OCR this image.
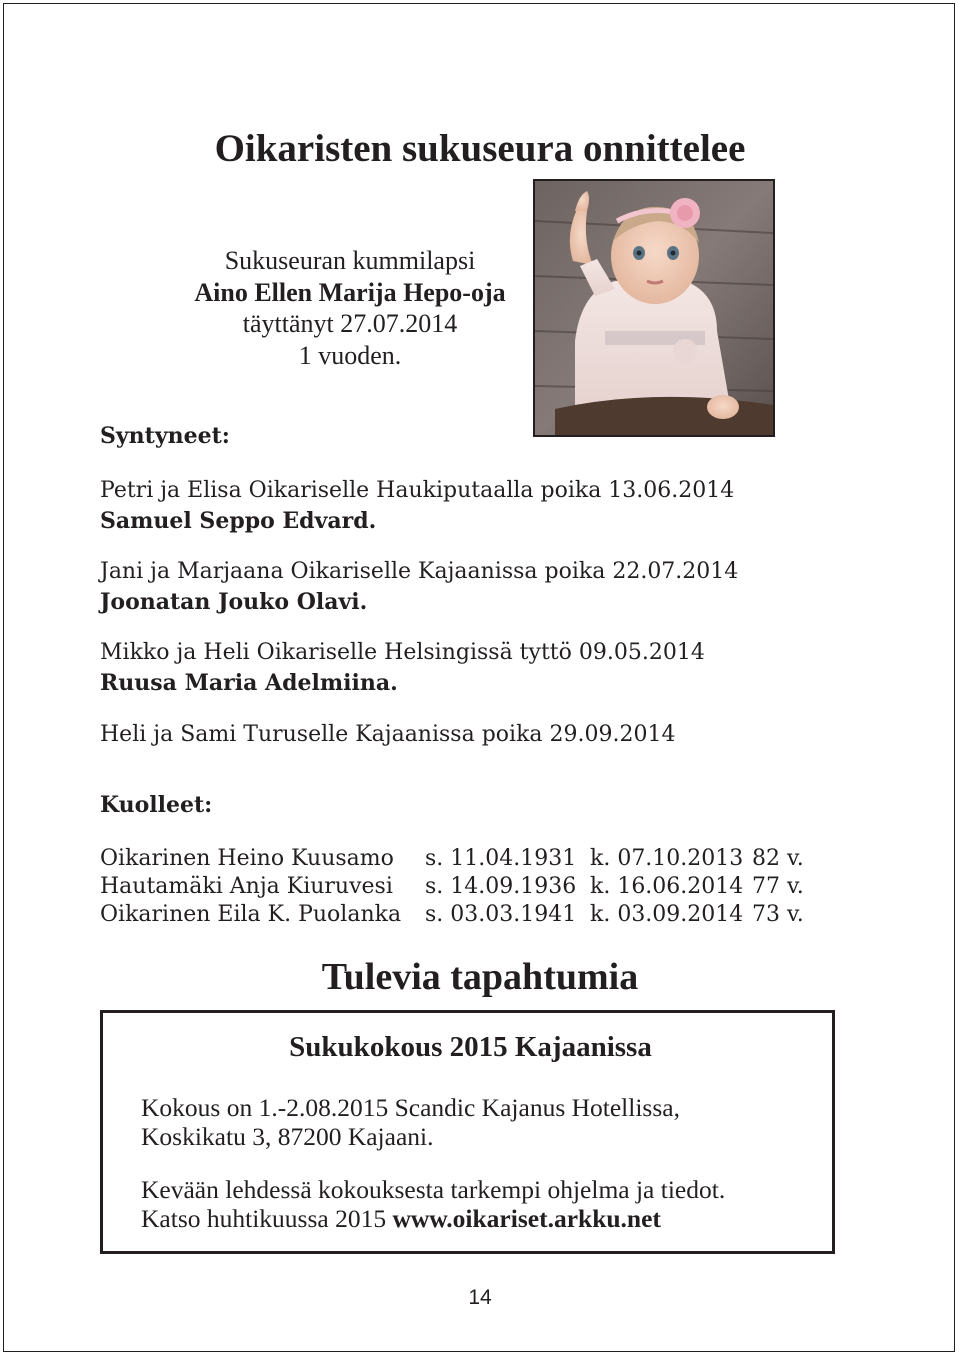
Oikaristen sukuseura onnittelee
Sukuseuran kummilapsi
Aino Ellen Marija Hepo-oja
täyttänyt 27.07.2014
1 vuoden.
Syntyneet:
Petri ja Elisa Oikariselle Haukiputaalla poika 13.06.2014
Samuel Seppo Edvard.
Jani ja Marjaana Oikariselle Kajaanissa poika 22.07.2014
Joonatan Jouko Olavi.
Mikko ja Heli Oikariselle Helsingissä tyttö 09.05.2014
Ruusa Maria Adelmiina.
Heli ja Sami Turuselle Kajaanissa poika 29.09.2014
Kuolleet:
Oikarinen Heino Kuusamo s. 11.04.1931 k. 07.10.2013 82 v.
Hautamäki Anja Kiuruvesi s. 14.09.1936 k. 16.06.2014 77 v.
Oikarinen Eila K. Puolanka s. 03.03.1941 k. 03.09.2014 73 v.
Tulevia tapahtumia
Sukukokous 2015 Kajaanissa
Kokous on 1.-2.08.2015 Scandic Kajanus Hotellissa,
Koskikatu 3, 87200 Kajaani.
Kevään lehdessä kokouksesta tarkempi ohjelma ja tiedot.
Katso huhtikuussa 2015 www.oikariset.arkku.net
14
